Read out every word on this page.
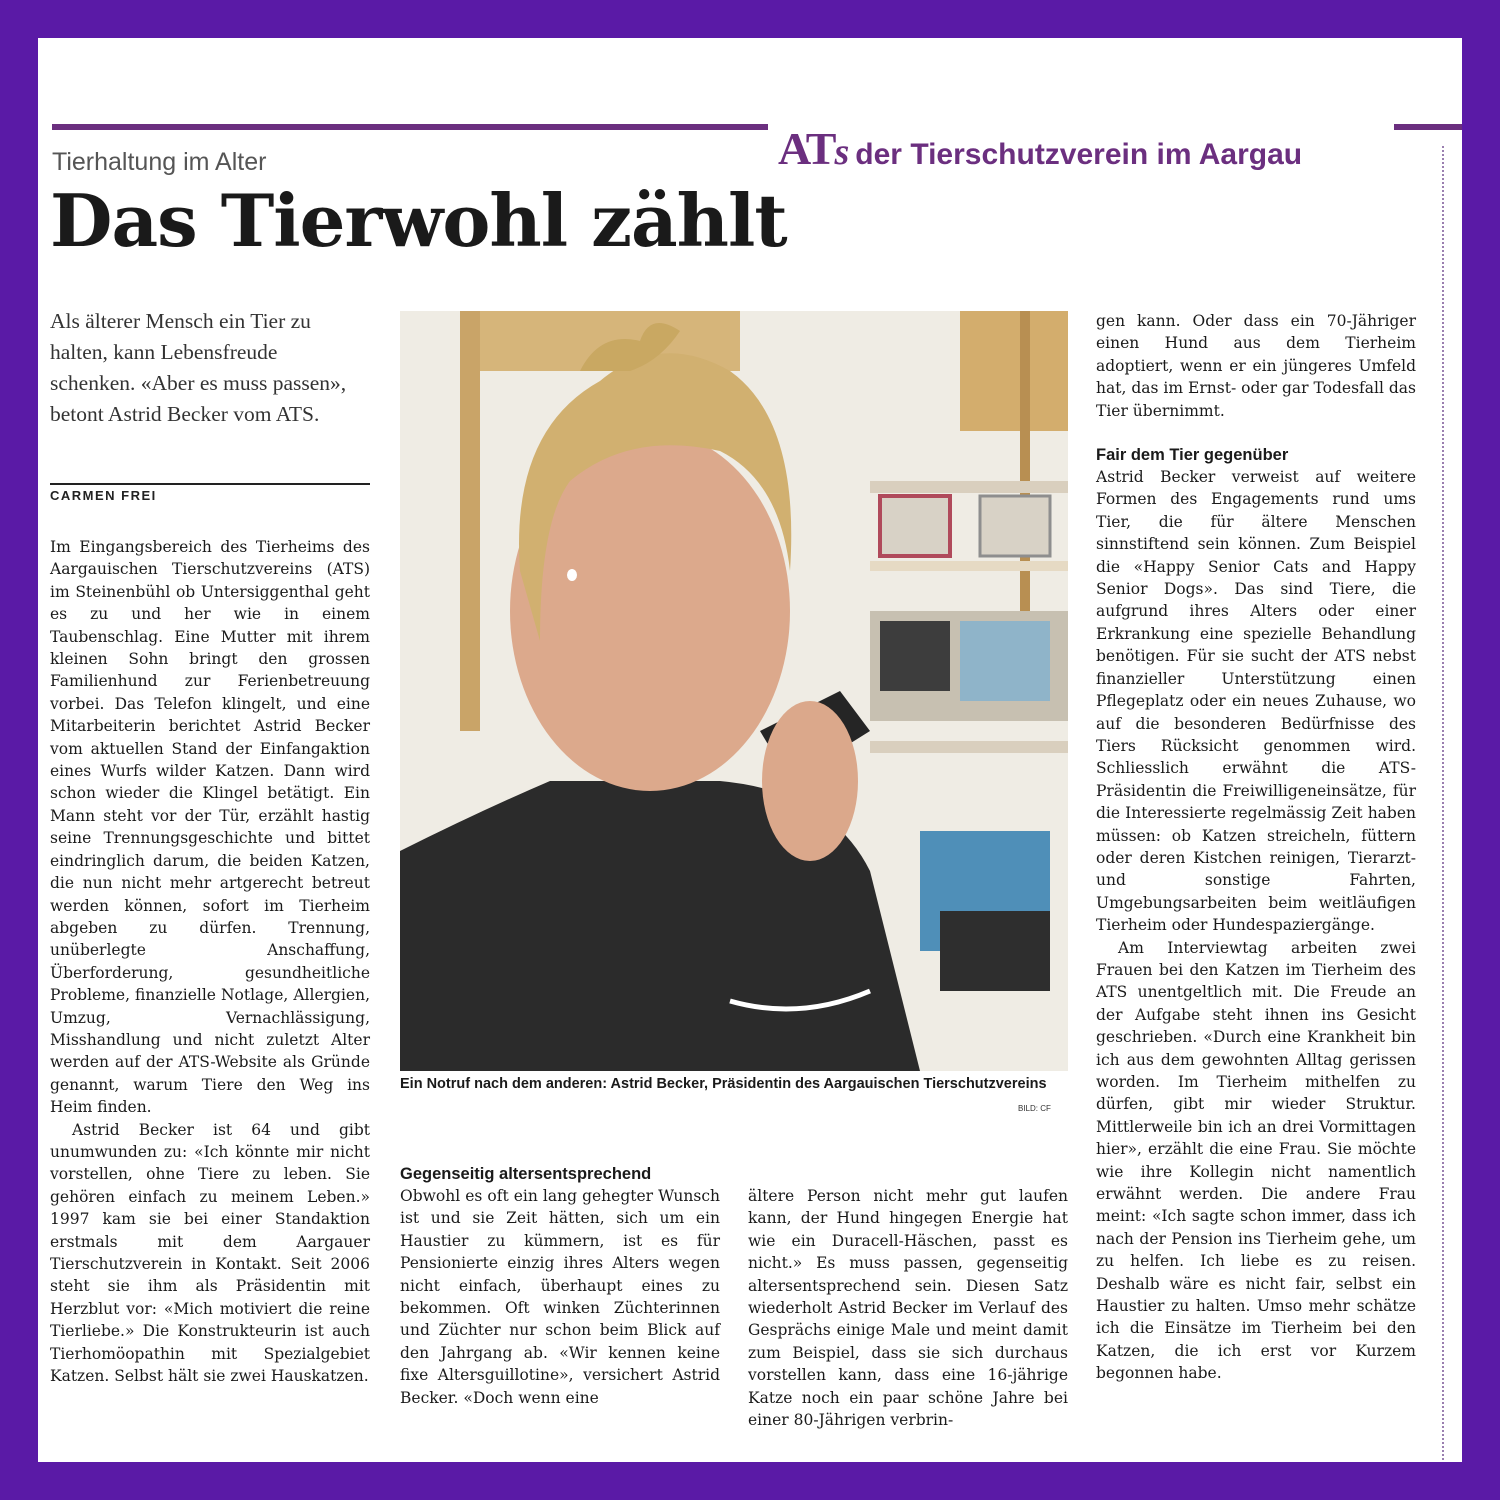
ATs der Tierschutzverein im Aargau
Tierhaltung im Alter
Das Tierwohl zählt
Als älterer Mensch ein Tier zu halten, kann Lebensfreude schenken. «Aber es muss passen», betont Astrid Becker vom ATS.
CARMEN FREI

Im Eingangsbereich des Tierheims des Aargauischen Tierschutzvereins (ATS) im Steinenbühl ob Untersiggenthal geht es zu und her wie in einem Taubenschlag. Eine Mutter mit ihrem kleinen Sohn bringt den grossen Familienhund zur Ferienbetreuung vorbei. Das Telefon klingelt, und eine Mitarbeiterin berichtet Astrid Becker vom aktuellen Stand der Einfangaktion eines Wurfs wilder Katzen. Dann wird schon wieder die Klingel betätigt. Ein Mann steht vor der Tür, erzählt hastig seine Trennungsgeschichte und bittet eindringlich darum, die beiden Katzen, die nun nicht mehr artgerecht betreut werden können, sofort im Tierheim abgeben zu dürfen. Trennung, unüberlegte Anschaffung, Überforderung, gesundheitliche Probleme, finanzielle Notlage, Allergien, Umzug, Vernachlässigung, Misshandlung und nicht zuletzt Alter werden auf der ATS-Website als Gründe genannt, warum Tiere den Weg ins Heim finden.

Astrid Becker ist 64 und gibt unumwunden zu: «Ich könnte mir nicht vorstellen, ohne Tiere zu leben. Sie gehören einfach zu meinem Leben.» 1997 kam sie bei einer Standaktion erstmals mit dem Aargauer Tierschutzverein in Kontakt. Seit 2006 steht sie ihm als Präsidentin mit Herzblut vor: «Mich motiviert die reine Tierliebe.» Die Konstrukteurin ist auch Tierhomöopathin mit Spezialgebiet Katzen. Selbst hält sie zwei Hauskatzen.

Ein Notruf nach dem anderen: Astrid Becker, Präsidentin des Aargauischen Tierschutzvereins
BILD: CF

Gegenseitig altersentsprechend

Obwohl es oft ein lang gehegter Wunsch ist und sie Zeit hätten, sich um ein Haustier zu kümmern, ist es für Pensionierte einzig ihres Alters wegen nicht einfach, überhaupt eines zu bekommen. Oft winken Züchterinnen und Züchter nur schon beim Blick auf den Jahrgang ab. «Wir kennen keine fixe Altersguillotine», versichert Astrid Becker. «Doch wenn eine

ältere Person nicht mehr gut laufen kann, der Hund hingegen Energie hat wie ein Duracell-Häschen, passt es nicht.» Es muss passen, gegenseitig altersentsprechend sein. Diesen Satz wiederholt Astrid Becker im Verlauf des Gesprächs einige Male und meint damit zum Beispiel, dass sie sich durchaus vorstellen kann, dass eine 16-jährige Katze noch ein paar schöne Jahre bei einer 80-Jährigen verbrin-

gen kann. Oder dass ein 70-Jähriger einen Hund aus dem Tierheim adoptiert, wenn er ein jüngeres Umfeld hat, das im Ernst- oder gar Todesfall das Tier übernimmt.

Fair dem Tier gegenüber

Astrid Becker verweist auf weitere Formen des Engagements rund ums Tier, die für ältere Menschen sinnstiftend sein können. Zum Beispiel die «Happy Senior Cats and Happy Senior Dogs». Das sind Tiere, die aufgrund ihres Alters oder einer Erkrankung eine spezielle Behandlung benötigen. Für sie sucht der ATS nebst finanzieller Unterstützung einen Pflegeplatz oder ein neues Zuhause, wo auf die besonderen Bedürfnisse des Tiers Rücksicht genommen wird. Schliesslich erwähnt die ATS-Präsidentin die Freiwilligeneinsätze, für die Interessierte regelmässig Zeit haben müssen: ob Katzen streicheln, füttern oder deren Kistchen reinigen, Tierarzt- und sonstige Fahrten, Umgebungsarbeiten beim weitläufigen Tierheim oder Hundespaziergänge.

Am Interviewtag arbeiten zwei Frauen bei den Katzen im Tierheim des ATS unentgeltlich mit. Die Freude an der Aufgabe steht ihnen ins Gesicht geschrieben. «Durch eine Krankheit bin ich aus dem gewohnten Alltag gerissen worden. Im Tierheim mithelfen zu dürfen, gibt mir wieder Struktur. Mittlerweile bin ich an drei Vormittagen hier», erzählt die eine Frau. Sie möchte wie ihre Kollegin nicht namentlich erwähnt werden. Die andere Frau meint: «Ich sagte schon immer, dass ich nach der Pension ins Tierheim gehe, um zu helfen. Ich liebe es zu reisen. Deshalb wäre es nicht fair, selbst ein Haustier zu halten. Umso mehr schätze ich die Einsätze im Tierheim bei den Katzen, die ich erst vor Kurzem begonnen habe.
